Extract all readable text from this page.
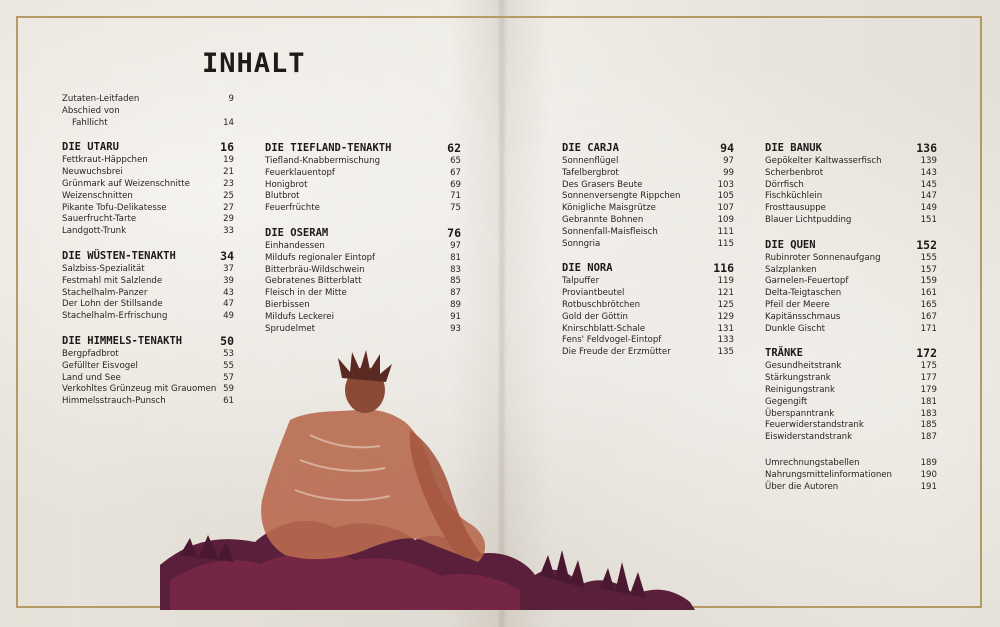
INHALT
Zutaten-Leitfaden	9
Abschied von
Fahllicht	14
DIE UTARU	16
Fettkraut-Häppchen	19
Neuwuchsbrei	21
Grünmark auf Weizenschnitte	23
Weizenschnitten	25
Pikante Tofu-Delikatesse	27
Sauerfrucht-Tarte	29
Landgott-Trunk	33
DIE WÜSTEN-TENAKTH	34
Salzbiss-Spezialität	37
Festmahl mit Salzlende	39
Stachelhalm-Panzer	43
Der Lohn der Stillsande	47
Stachelhalm-Erfrischung	49
DIE HIMMELS-TENAKTH	50
Bergpfadbrot	53
Gefüllter Eisvogel	55
Land und See	57
Verkohltes Grünzeug mit Grauomen 59
Himmelsstrauch-Punsch	61
DIE TIEFLAND-TENAKTH	62
Tiefland-Knabbermischung	65
Feuerklauentopf	67
Honigbrot	69
Blutbrot	71
Feuerfrüchte	75
DIE OSERAM	76
Einhandessen	97
Mildufs regionaler Eintopf	81
Bitterbräu-Wildschwein	83
Gebratenes Bitterblatt	85
Fleisch in der Mitte	87
Bierbissen	89
Mildufs Leckerei	91
Sprudelmet	93
DIE CARJA	94
Sonnenflügel	97
Tafelbergbrot	99
Des Grasers Beute	103
Sonnenversengte Rippchen	105
Königliche Maisgrütze	107
Gebrannte Bohnen	109
Sonnenfall-Maisfleisch	111
Sonngria	115
DIE NORA	116
Talpuffer	119
Proviantbeutel	121
Rotbuschbrötchen	125
Gold der Göttin	129
Knirschblatt-Schale	131
Fens' Feldvogel-Eintopf	133
Die Freude der Erzmütter	135
DIE BANUK	136
Gepökelter Kaltwasserfisch	139
Scherbenbrot	143
Dörrfisch	145
Fischküchlein	147
Frosttausuppe	149
Blauer Lichtpudding	151
DIE QUEN	152
Rubinroter Sonnenaufgang	155
Salzplanken	157
Garnelen-Feuertopf	159
Delta-Teigtaschen	161
Pfeil der Meere	165
Kapitänsschmaus	167
Dunkle Gischt	171
TRÄNKE	172
Gesundheitstrank	175
Stärkungstrank	177
Reinigungstrank	179
Gegengift	181
Überspanntrank	183
Feuerwiderstandstrank	185
Eiswiderstandstrank	187
Umrechnungstabellen	189
Nahrungsmittelinformationen	190
Über die Autoren	191
